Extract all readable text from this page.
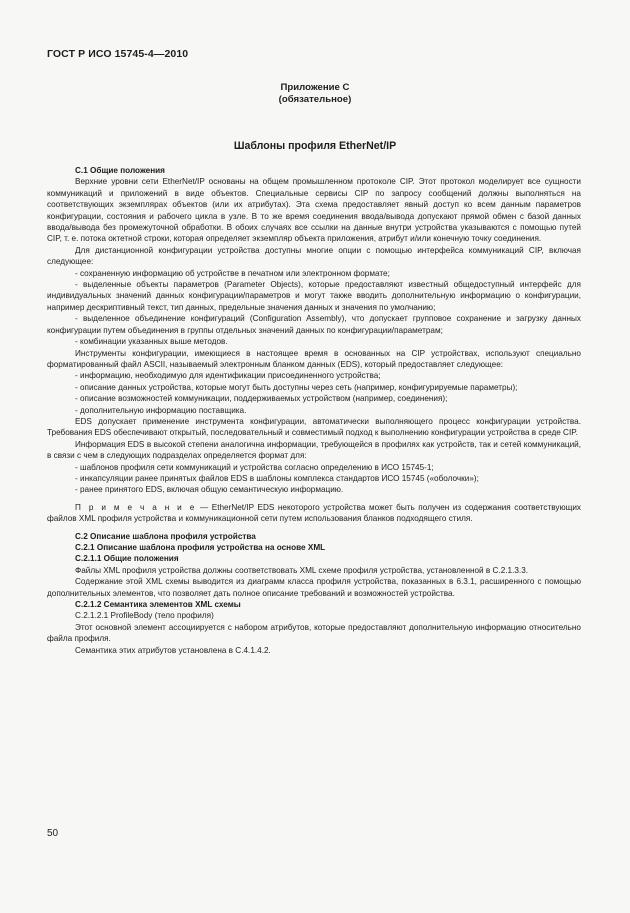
ГОСТ Р ИСО 15745-4—2010
Приложение С
(обязательное)
Шаблоны профиля EtherNet/IP

С.1 Общие положения

Верхние уровни сети EtherNet/IP основаны на общем промышленном протоколе CIP. Этот протокол моделирует все сущности коммуникаций и приложений в виде объектов. Специальные сервисы CIP по запросу сообщений должны выполняться на соответствующих экземплярах объектов (или их атрибутах). Эта схема предоставляет явный доступ ко всем данным параметров конфигурации, состояния и рабочего цикла в узле. В то же время соединения ввода/вывода допускают прямой обмен с базой данных ввода/вывода без промежуточной обработки. В обоих случаях все ссылки на данные внутри устройства указываются с помощью путей CIP, т. е. потока октетной строки, которая определяет экземпляр объекта приложения, атрибут и/или конечную точку соединения.

Для дистанционной конфигурации устройства доступны многие опции с помощью интерфейса коммуникаций CIP, включая следующее:

- сохраненную информацию об устройстве в печатном или электронном формате;

- выделенные объекты параметров (Parameter Objects), которые предоставляют известный общедоступный интерфейс для индивидуальных значений данных конфигурации/параметров и могут также вводить дополнительную информацию о конфигурации, например дескриптивный текст, тип данных, предельные значения данных и значения по умолчанию;

- выделенное объединение конфигураций (Configuration Assembly), что допускает групповое сохранение и загрузку данных конфигурации путем объединения в группы отдельных значений данных по конфигурации/параметрам;

- комбинации указанных выше методов.

Инструменты конфигурации, имеющиеся в настоящее время в основанных на CIP устройствах, используют специально форматированный файл ASCII, называемый электронным бланком данных (EDS), который предоставляет следующее:

- информацию, необходимую для идентификации присоединенного устройства;

- описание данных устройства, которые могут быть доступны через сеть (например, конфигурируемые параметры);

- описание возможностей коммуникации, поддерживаемых устройством (например, соединения);

- дополнительную информацию поставщика.

EDS допускает применение инструмента конфигурации, автоматически выполняющего процесс конфигурации устройства. Требования EDS обеспечивают открытый, последовательный и совместимый подход к выполнению конфигурации устройства в среде CIP.

Информация EDS в высокой степени аналогична информации, требующейся в профилях как устройств, так и сетей коммуникаций, в связи с чем в следующих подразделах определяется формат для:

- шаблонов профиля сети коммуникаций и устройства согласно определению в ИСО 15745-1;

- инкапсуляции ранее принятых файлов EDS в шаблоны комплекса стандартов ИСО 15745 («оболочки»);

- ранее принятого EDS, включая общую семантическую информацию.

П р и м е ч а н и е — EtherNet/IP EDS некоторого устройства может быть получен из содержания соответствующих файлов XML профиля устройства и коммуникационной сети путем использования бланков подходящего стиля.

С.2 Описание шаблона профиля устройства

С.2.1 Описание шаблона профиля устройства на основе XML

С.2.1.1 Общие положения

Файлы XML профиля устройства должны соответствовать XML схеме профиля устройства, установленной в С.2.1.3.3.

Содержание этой XML схемы выводится из диаграмм класса профиля устройства, показанных в 6.3.1, расширенного с помощью дополнительных элементов, что позволяет дать полное описание требований и возможностей устройства.

С.2.1.2 Семантика элементов XML схемы

С.2.1.2.1 ProfileBody (тело профиля)

Этот основной элемент ассоциируется с набором атрибутов, которые предоставляют дополнительную информацию относительно файла профиля.

Семантика этих атрибутов установлена в С.4.1.4.2.

50
